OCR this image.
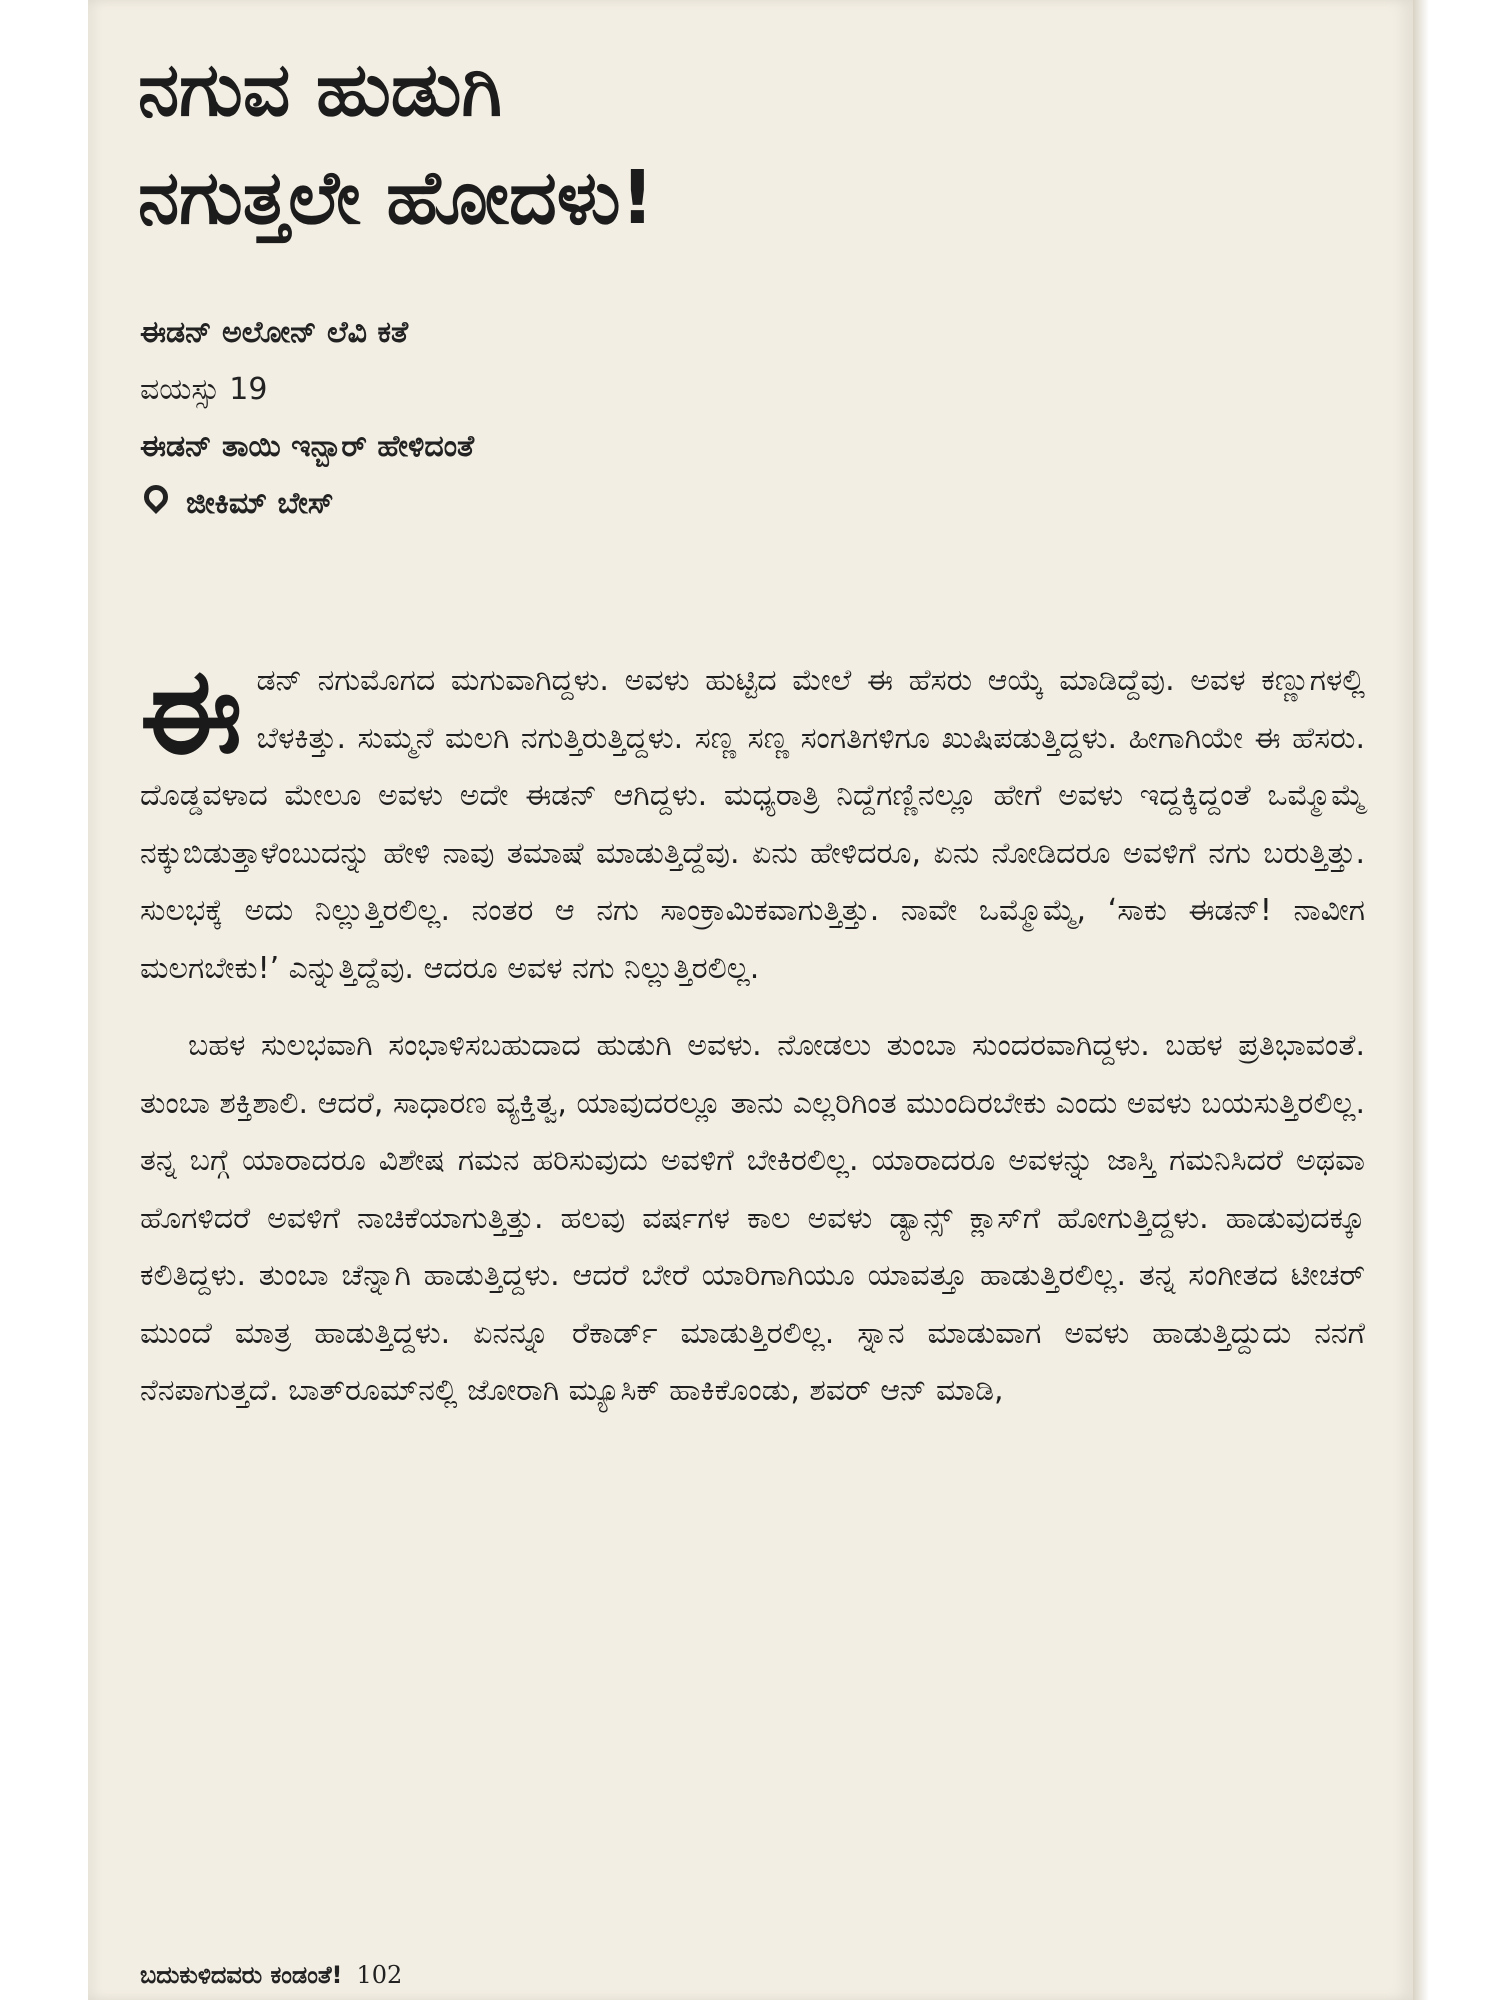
ನಗುವ ಹುಡುಗಿ
ನಗುತ್ತಲೇ ಹೋದಳು!
ಈಡನ್ ಅಲೋನ್ ಲೆವಿ ಕತೆ
ವಯಸ್ಸು 19
ಈಡನ್ ತಾಯಿ ಇನ್ಬಾರ್ ಹೇಳಿದಂತೆ
ಜೀಕಿಮ್ ಬೇಸ್

ಈಡನ್ ನಗುಮೊಗದ ಮಗುವಾಗಿದ್ದಳು. ಅವಳು ಹುಟ್ಟಿದ ಮೇಲೆ ಈ ಹೆಸರು ಆಯ್ಕೆ ಮಾಡಿದ್ದೆವು. ಅವಳ ಕಣ್ಣುಗಳಲ್ಲಿ ಬೆಳಕಿತ್ತು. ಸುಮ್ಮನೆ ಮಲಗಿ ನಗುತ್ತಿರುತ್ತಿದ್ದಳು. ಸಣ್ಣ ಸಣ್ಣ ಸಂಗತಿಗಳಿಗೂ ಖುಷಿಪಡುತ್ತಿದ್ದಳು. ಹೀಗಾಗಿಯೇ ಈ ಹೆಸರು. ದೊಡ್ಡವಳಾದ ಮೇಲೂ ಅವಳು ಅದೇ ಈಡನ್ ಆಗಿದ್ದಳು. ಮಧ್ಯರಾತ್ರಿ ನಿದ್ದೆಗಣ್ಣಿನಲ್ಲೂ ಹೇಗೆ ಅವಳು ಇದ್ದಕ್ಕಿದ್ದಂತೆ ಒಮ್ಮೊಮ್ಮೆ ನಕ್ಕುಬಿಡುತ್ತಾಳೆಂಬುದನ್ನು ಹೇಳಿ ನಾವು ತಮಾಷೆ ಮಾಡುತ್ತಿದ್ದೆವು. ಏನು ಹೇಳಿದರೂ, ಏನು ನೋಡಿದರೂ ಅವಳಿಗೆ ನಗು ಬರುತ್ತಿತ್ತು. ಸುಲಭಕ್ಕೆ ಅದು ನಿಲ್ಲುತ್ತಿರಲಿಲ್ಲ. ನಂತರ ಆ ನಗು ಸಾಂಕ್ರಾಮಿಕವಾಗುತ್ತಿತ್ತು. ನಾವೇ ಒಮ್ಮೊಮ್ಮೆ, ‘ಸಾಕು ಈಡನ್! ನಾವೀಗ ಮಲಗಬೇಕು!’ ಎನ್ನುತ್ತಿದ್ದೆವು. ಆದರೂ ಅವಳ ನಗು ನಿಲ್ಲುತ್ತಿರಲಿಲ್ಲ.

ಬಹಳ ಸುಲಭವಾಗಿ ಸಂಭಾಳಿಸಬಹುದಾದ ಹುಡುಗಿ ಅವಳು. ನೋಡಲು ತುಂಬಾ ಸುಂದರವಾಗಿದ್ದಳು. ಬಹಳ ಪ್ರತಿಭಾವಂತೆ. ತುಂಬಾ ಶಕ್ತಿಶಾಲಿ. ಆದರೆ, ಸಾಧಾರಣ ವ್ಯಕ್ತಿತ್ವ, ಯಾವುದರಲ್ಲೂ ತಾನು ಎಲ್ಲರಿಗಿಂತ ಮುಂದಿರಬೇಕು ಎಂದು ಅವಳು ಬಯಸುತ್ತಿರಲಿಲ್ಲ. ತನ್ನ ಬಗ್ಗೆ ಯಾರಾದರೂ ವಿಶೇಷ ಗಮನ ಹರಿಸುವುದು ಅವಳಿಗೆ ಬೇಕಿರಲಿಲ್ಲ. ಯಾರಾದರೂ ಅವಳನ್ನು ಜಾಸ್ತಿ ಗಮನಿಸಿದರೆ ಅಥವಾ ಹೊಗಳಿದರೆ ಅವಳಿಗೆ ನಾಚಿಕೆಯಾಗುತ್ತಿತ್ತು. ಹಲವು ವರ್ಷಗಳ ಕಾಲ ಅವಳು ಡ್ಯಾನ್ಸ್ ಕ್ಲಾಸ್‌ಗೆ ಹೋಗುತ್ತಿದ್ದಳು. ಹಾಡುವುದಕ್ಕೂ ಕಲಿತಿದ್ದಳು. ತುಂಬಾ ಚೆನ್ನಾಗಿ ಹಾಡುತ್ತಿದ್ದಳು. ಆದರೆ ಬೇರೆ ಯಾರಿಗಾಗಿಯೂ ಯಾವತ್ತೂ ಹಾಡುತ್ತಿರಲಿಲ್ಲ. ತನ್ನ ಸಂಗೀತದ ಟೀಚರ್ ಮುಂದೆ ಮಾತ್ರ ಹಾಡುತ್ತಿದ್ದಳು. ಏನನ್ನೂ ರೆಕಾರ್ಡ್ ಮಾಡುತ್ತಿರಲಿಲ್ಲ. ಸ್ನಾನ ಮಾಡುವಾಗ ಅವಳು ಹಾಡುತ್ತಿದ್ದುದು ನನಗೆ ನೆನಪಾಗುತ್ತದೆ. ಬಾತ್‌ರೂಮ್‌ನಲ್ಲಿ ಜೋರಾಗಿ ಮ್ಯೂಸಿಕ್ ಹಾಕಿಕೊಂಡು, ಶವರ್ ಆನ್ ಮಾಡಿ,

ಬದುಕುಳಿದವರು ಕಂಡಂತೆ! 102
